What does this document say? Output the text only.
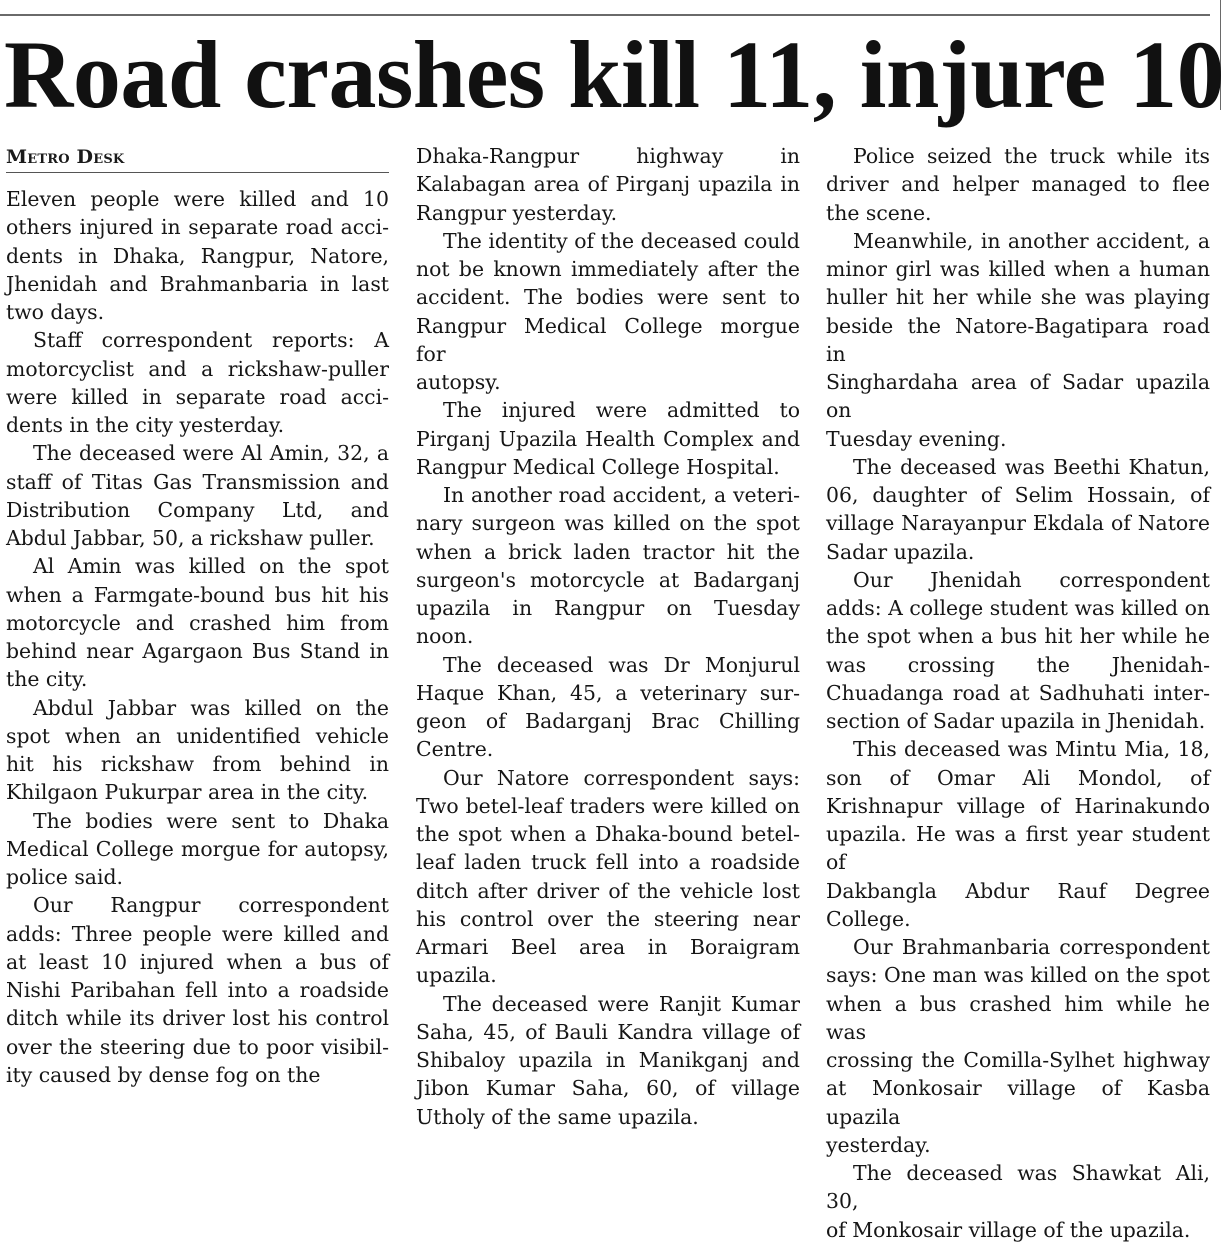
Road crashes kill 11, injure 10
Metro Desk

Eleven people were killed and 10

others injured in separate road acci-

dents in Dhaka, Rangpur, Natore,

Jhenidah and Brahmanbaria in last

two days.

Staff correspondent reports: A

motorcyclist and a rickshaw-puller

were killed in separate road acci-

dents in the city yesterday.

The deceased were Al Amin, 32, a

staff of Titas Gas Transmission and

Distribution Company Ltd, and

Abdul Jabbar, 50, a rickshaw puller.

Al Amin was killed on the spot

when a Farmgate-bound bus hit his

motorcycle and crashed him from

behind near Agargaon Bus Stand in

the city.

Abdul Jabbar was killed on the

spot when an unidentified vehicle

hit his rickshaw from behind in

Khilgaon Pukurpar area in the city.

The bodies were sent to Dhaka

Medical College morgue for autopsy,

police said.

Our Rangpur correspondent

adds: Three people were killed and

at least 10 injured when a bus of

Nishi Paribahan fell into a roadside

ditch while its driver lost his control

over the steering due to poor visibil-

ity caused by dense fog on the

Dhaka-Rangpur highway in

Kalabagan area of Pirganj upazila in

Rangpur yesterday.

The identity of the deceased could

not be known immediately after the

accident. The bodies were sent to

Rangpur Medical College morgue for

autopsy.

The injured were admitted to

Pirganj Upazila Health Complex and

Rangpur Medical College Hospital.

In another road accident, a veteri-

nary surgeon was killed on the spot

when a brick laden tractor hit the

surgeon's motorcycle at Badarganj

upazila in Rangpur on Tuesday noon.

The deceased was Dr Monjurul

Haque Khan, 45, a veterinary sur-

geon of Badarganj Brac Chilling

Centre.

Our Natore correspondent says:

Two betel-leaf traders were killed on

the spot when a Dhaka-bound betel-

leaf laden truck fell into a roadside

ditch after driver of the vehicle lost

his control over the steering near

Armari Beel area in Boraigram

upazila.

The deceased were Ranjit Kumar

Saha, 45, of Bauli Kandra village of

Shibaloy upazila in Manikganj and

Jibon Kumar Saha, 60, of village

Utholy of the same upazila.

Police seized the truck while its

driver and helper managed to flee

the scene.

Meanwhile, in another accident, a

minor girl was killed when a human

huller hit her while she was playing

beside the Natore-Bagatipara road in

Singhardaha area of Sadar upazila on

Tuesday evening.

The deceased was Beethi Khatun,

06, daughter of Selim Hossain, of

village Narayanpur Ekdala of Natore

Sadar upazila.

Our Jhenidah correspondent

adds: A college student was killed on

the spot when a bus hit her while he

was crossing the Jhenidah-

Chuadanga road at Sadhuhati inter-

section of Sadar upazila in Jhenidah.

This deceased was Mintu Mia, 18,

son of Omar Ali Mondol, of

Krishnapur village of Harinakundo

upazila. He was a first year student of

Dakbangla Abdur Rauf Degree

College.

Our Brahmanbaria correspondent

says: One man was killed on the spot

when a bus crashed him while he was

crossing the Comilla-Sylhet highway

at Monkosair village of Kasba upazila

yesterday.

The deceased was Shawkat Ali, 30,

of Monkosair village of the upazila.
